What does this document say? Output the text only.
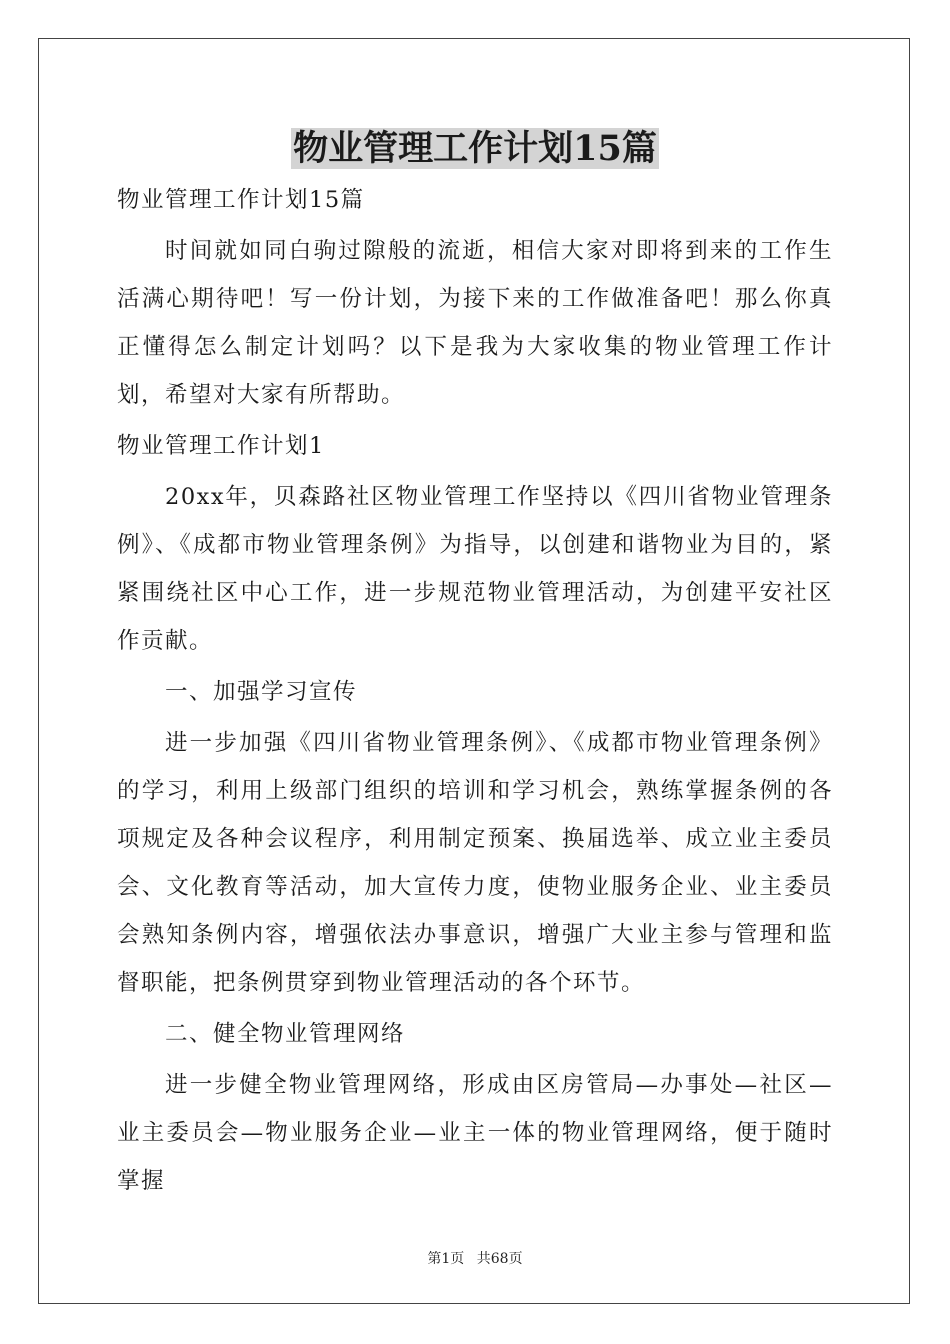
物业管理工作计划15篇

物业管理工作计划15篇

时间就如同白驹过隙般的流逝，相信大家对即将到来的工作生活满心期待吧！写一份计划，为接下来的工作做准备吧！那么你真正懂得怎么制定计划吗？以下是我为大家收集的物业管理工作计划，希望对大家有所帮助。

物业管理工作计划1

20xx年，贝森路社区物业管理工作坚持以《四川省物业管理条例》、《成都市物业管理条例》为指导，以创建和谐物业为目的，紧紧围绕社区中心工作，进一步规范物业管理活动，为创建平安社区作贡献。

一、加强学习宣传

进一步加强《四川省物业管理条例》、《成都市物业管理条例》的学习，利用上级部门组织的培训和学习机会，熟练掌握条例的各项规定及各种会议程序，利用制定预案、换届选举、成立业主委员会、文化教育等活动，加大宣传力度，使物业服务企业、业主委员会熟知条例内容，增强依法办事意识，增强广大业主参与管理和监督职能，把条例贯穿到物业管理活动的各个环节。

二、健全物业管理网络

进一步健全物业管理网络，形成由区房管局—办事处—社区—业主委员会—物业服务企业—业主一体的物业管理网络，便于随时掌握

第1页 共68页
